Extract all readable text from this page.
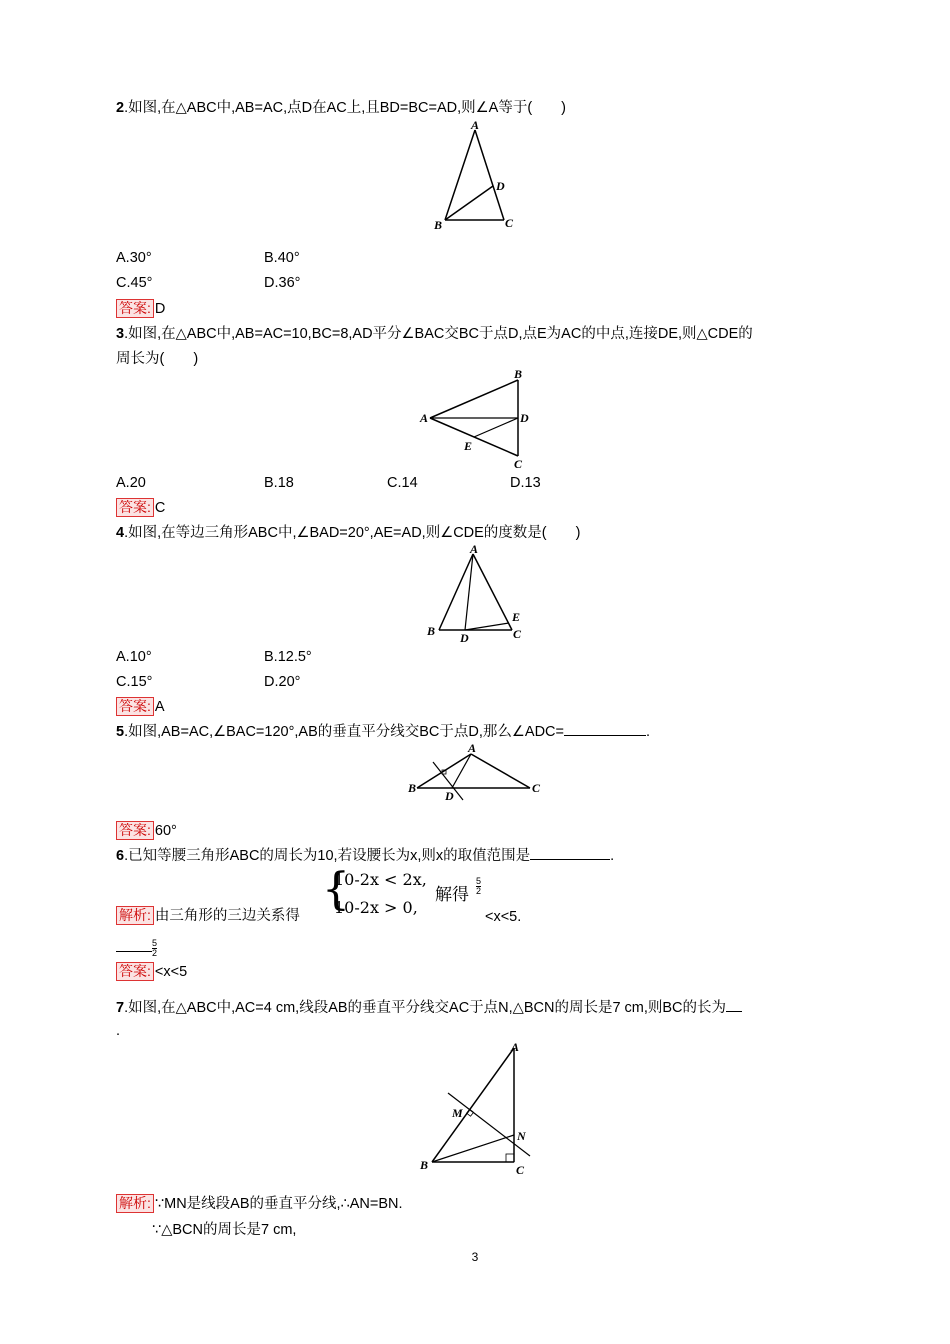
2.如图,在△ABC中,AB=AC,点D在AC上,且BD=BC=AD,则∠A等于(　　)
A
B	C
D
A.30°	B.40°
C.45°	D.36°
答案: D
3.如图,在△ABC中,AB=AC=10,BC=8,AD平分∠BAC交BC于点D,点E为AC的中点,连接DE,则△CDE的
周长为(　　)
B
A	D
E
C
A.20	B.18	C.14	D.13
答案: C
4.如图,在等边三角形ABC中,∠BAD=20°,AE=AD,则∠CDE的度数是(　　)
A
B D
E
C
A.10°	B.12.5°
C.15°	D.20°
答案: A
5.如图,AB=AC,∠BAC=120°,AB的垂直平分线交BC于点D,那么∠ADC=	.
A
B
D
C
答案: 60°
6.已知等腰三角形ABC的周长为10,若设腰长为x,则x的取值范围是	.
解析: 由三角形的三边关系得
{
10-2x < 2x,
10-2x > 0,
解得 $\frac{5}{2}$
<x<5.
$\frac{5}{2}$
答案: <x<5
7.如图,在△ABC中,AC=4 cm,线段AB的垂直平分线交AC于点N,△BCN的周长是7 cm,则BC的长为
.
A
M
N
B	C
解析: ∵MN是线段AB的垂直平分线,∴AN=BN.
∵△BCN的周长是7 cm,
3
